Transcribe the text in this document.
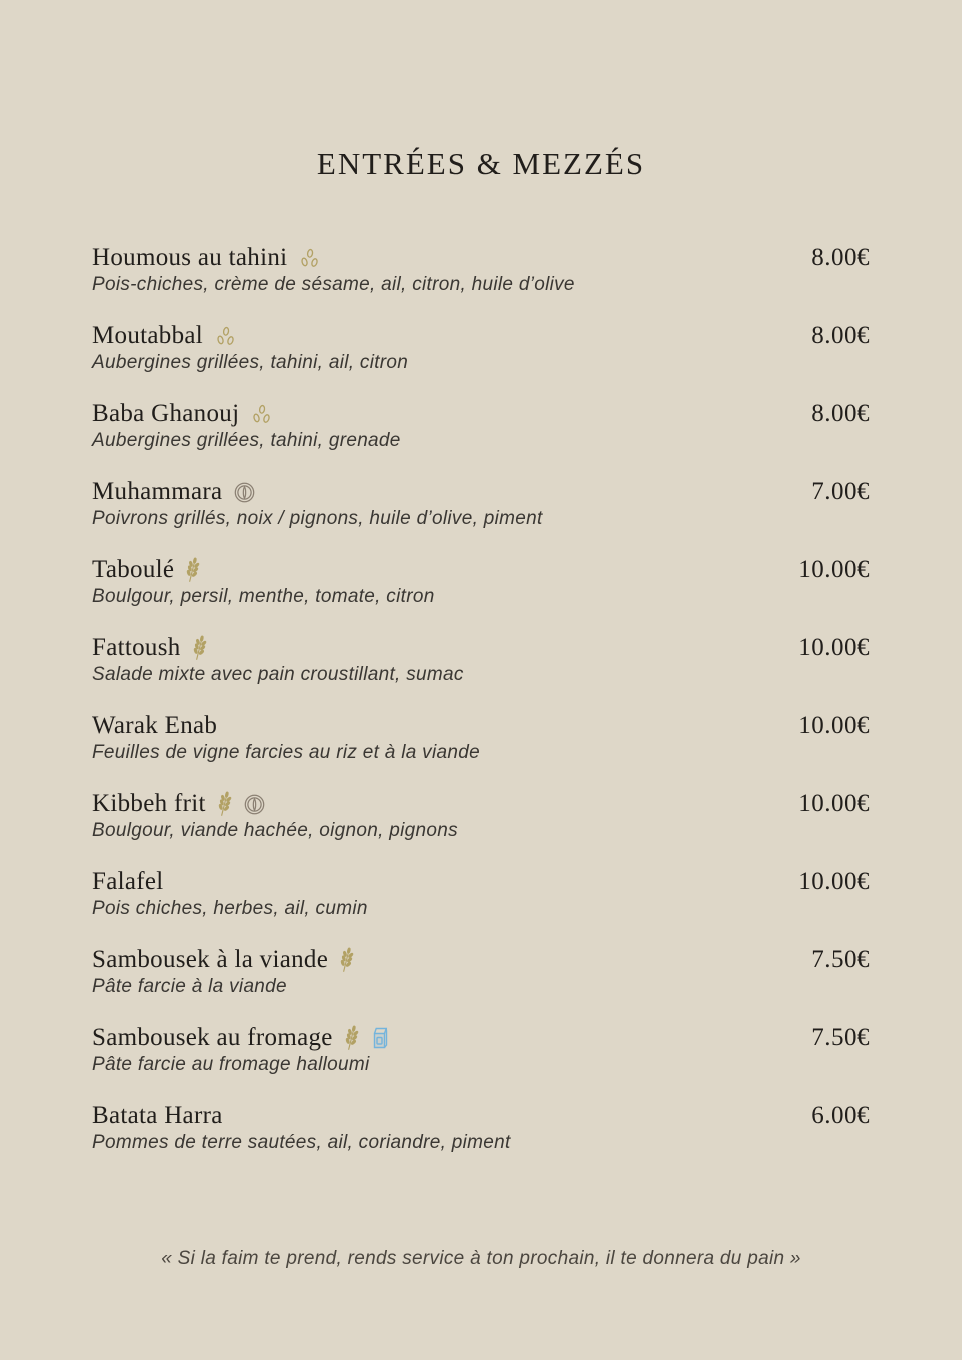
ENTRÉES & MEZZÉS
Houmous au tahini	8.00€
Pois-chiches, crème de sésame, ail, citron, huile d’olive
Moutabbal	8.00€
Aubergines grillées, tahini, ail, citron
Baba Ghanouj	8.00€
Aubergines grillées, tahini, grenade
Muhammara	7.00€
Poivrons grillés, noix / pignons, huile d’olive, piment
Taboulé	10.00€
Boulgour, persil, menthe, tomate, citron
Fattoush	10.00€
Salade mixte avec pain croustillant, sumac
Warak Enab	10.00€
Feuilles de vigne farcies au riz et à la viande
Kibbeh frit	10.00€
Boulgour, viande hachée, oignon, pignons
Falafel	10.00€
Pois chiches, herbes, ail, cumin
Sambousek à la viande	7.50€
Pâte farcie à la viande
Sambousek au fromage	7.50€
Pâte farcie au fromage halloumi
Batata Harra	6.00€
Pommes de terre sautées, ail, coriandre, piment
« Si la faim te prend, rends service à ton prochain, il te donnera du pain »
